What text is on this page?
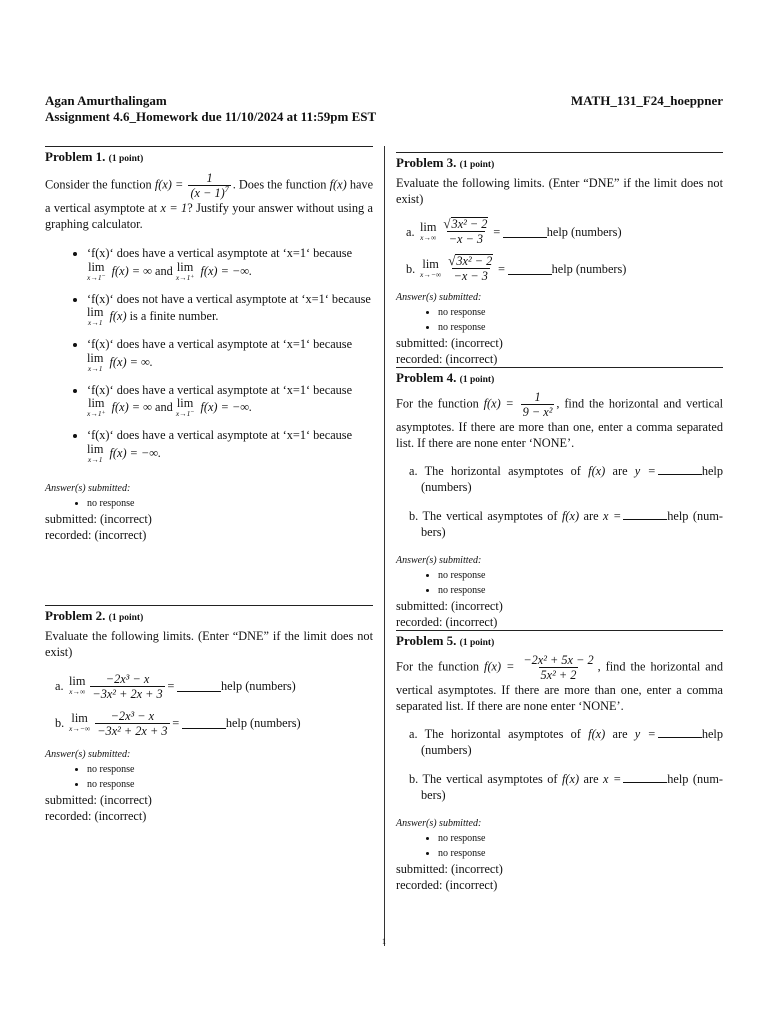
Agan Amurthalingam	MATH_131_F24_hoeppner
Assignment 4.6_Homework due 11/10/2024 at 11:59pm EST
1
Problem 1. (1 point)

Consider the function $f(x) = \frac{1}{(x - 1)^7}$ . Does the function f(x) have a vertical asymptote at x = 1? Justify your answer without using a graphing calculator.

• ‘f(x)‘ does have a vertical asymptote at ‘x=1‘ because
lim
x→1⁻ f(x) = ∞ and lim
x→1⁺ f(x) = −∞.
• ‘f(x)‘ does not have a vertical asymptote at ‘x=1‘ because
lim
x→1 f(x) is a finite number.
• ‘f(x)‘ does have a vertical asymptote at ‘x=1‘ because
lim
x→1 f(x) = ∞.
• ‘f(x)‘ does have a vertical asymptote at ‘x=1‘ because
lim
x→1⁺ f(x) = ∞ and lim
x→1⁻ f(x) = −∞.
• ‘f(x)‘ does have a vertical asymptote at ‘x=1‘ because
lim
x→1 f(x) = −∞.
Answer(s) submitted:
• no response
submitted: (incorrect)
recorded: (incorrect)
Problem 2. (1 point)

Evaluate the following limits. (Enter “DNE” if the limit does not exist)

a. lim
$x\to\infty \frac{\text{−2x³ − x}}{\text{−3x² + 2x + 3}}$ =	help (numbers)
b. lim
$x\to-\infty \frac{\text{−2x³ − x}}{\text{−3x² + 2x + 3}}$ =	help (numbers)
Answer(s) submitted:
• no response
• no response
submitted: (incorrect)
recorded: (incorrect)
Problem 3. (1 point)

Evaluate the following limits. (Enter “DNE” if the limit does not exist)

a. lim
$x\to\infty \frac{\text{√ 3x² − 2}}{-x - 3}$ =	help (numbers)
b. lim
$x\to-\infty \frac{\text{√ 3x² − 2}}{-x - 3}$ =	help (numbers)
Answer(s) submitted:
• no response
• no response
submitted: (incorrect)
recorded: (incorrect)
Problem 4. (1 point)

For the function $f(x) = \frac{1}{\text{9 − x²}}$ , find the horizontal and vertical asymptotes. If there are more than one, enter a comma separated list. If there are none enter ‘NONE’.

a. The horizontal asymptotes of f(x) are y =	help (numbers)
b. The vertical asymptotes of f(x) are x =	help (num- bers)
Answer(s) submitted:
• no response
• no response
submitted: (incorrect)
recorded: (incorrect)
Problem 5. (1 point)

For the function $f(x) = \frac{\text{−2x² + 5x − 2}}{\text{5x² + 2}}$ , find the horizontal and vertical asymptotes. If there are more than one, enter a comma separated list. If there are none enter ‘NONE’.

a. The horizontal asymptotes of f(x) are y =	help (numbers)
b. The vertical asymptotes of f(x) are x =	help (num- bers)
Answer(s) submitted:
• no response
• no response
submitted: (incorrect)
recorded: (incorrect)
